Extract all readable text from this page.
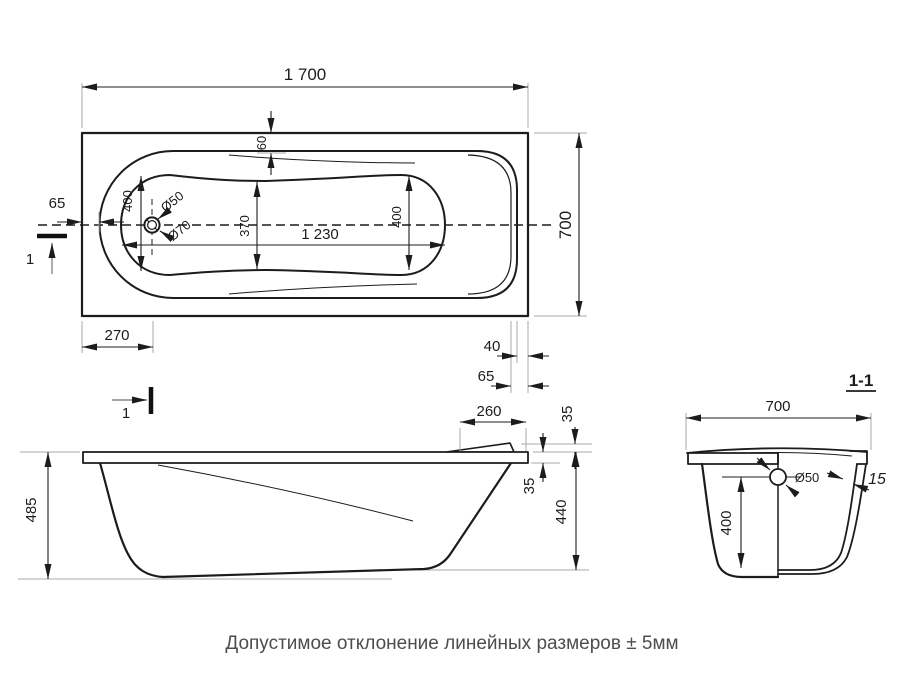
1 700
700
60
65
1
400 Ø50
Ø70	370	400
1 230
270
40
65
485
1	260	35
35
440
1-1
700
Ø50
400
15
Допустимое отклонение линейных размеров ± 5мм
